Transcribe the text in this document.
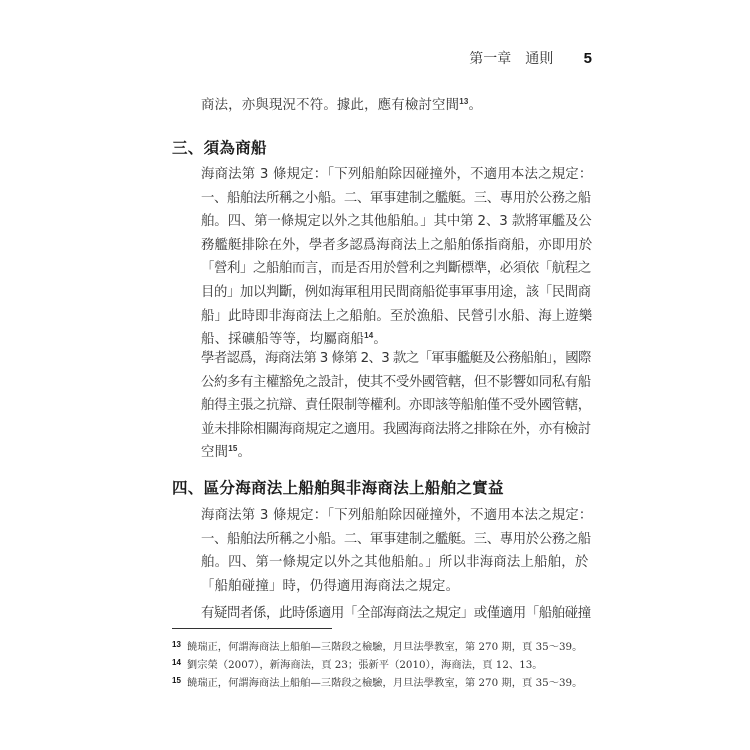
第一章　通則 5

商法，亦與現況不符。據此，應有檢討空間$^{13}$。

三、須為商船

海商法第 3 條規定：「下列船舶除因碰撞外，不適用本法之規定：

一、船舶法所稱之小船。二、軍事建制之艦艇。三、專用於公務之船

舶。四、第一條規定以外之其他船舶。」其中第 2、3 款將軍艦及公

務艦艇排除在外，學者多認爲海商法上之船舶係指商船，亦即用於

「營利」之船舶而言，而是否用於營利之判斷標準，必須依「航程之

目的」加以判斷，例如海軍租用民間商船從事軍事用途，該「民間商

船」此時即非海商法上之船舶。至於漁船、民營引水船、海上遊樂

船、採礦船等等，均屬商船$^{14}$。

學者認爲，海商法第 3 條第 2、3 款之「軍事艦艇及公務船舶」，國際

公約多有主權豁免之設計，使其不受外國管轄，但不影響如同私有船

舶得主張之抗辯、責任限制等權利。亦即該等船舶僅不受外國管轄，

並未排除相關海商規定之適用。我國海商法將之排除在外，亦有檢討

空間$^{15}$。

四、區分海商法上船舶與非海商法上船舶之實益

海商法第 3 條規定：「下列船舶除因碰撞外，不適用本法之規定：

一、船舶法所稱之小船。二、軍事建制之艦艇。三、專用於公務之船

舶。四、第一條規定以外之其他船舶。」所以非海商法上船舶，於

「船舶碰撞」時，仍得適用海商法之規定。

有疑問者係，此時係適用「全部海商法之規定」或僅適用「船舶碰撞

$^{13}$ 饒瑞正，何謂海商法上船舶—三階段之檢驗，月旦法學教室，第 270 期，頁 35～39。
$^{14}$ 劉宗榮（2007），新海商法，頁 23；張新平（2010），海商法，頁 12、13。
$^{15}$ 饒瑞正，何謂海商法上船舶—三階段之檢驗，月旦法學教室，第 270 期，頁 35～39。
